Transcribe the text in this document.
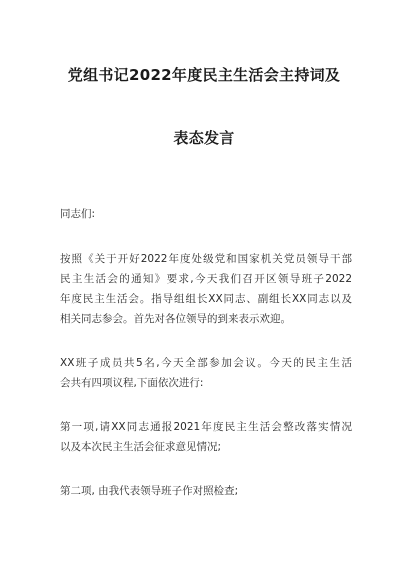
党组书记2022年度民主生活会主持词及
表态发言
同志们:
按照《关于开好2022年度处级党和国家机关党员领导干部
民主生活会的通知》要求,今天我们召开区领导班子2022
年度民主生活会。指导组组长XX同志、副组长XX同志以及
相关同志参会。首先对各位领导的到来表示欢迎。
XX班子成员共5名,今天全部参加会议。今天的民主生活
会共有四项议程,下面依次进行:
第一项,请XX同志通报2021年度民主生活会整改落实情况
以及本次民主生活会征求意见情况;
第二项, 由我代表领导班子作对照检查;
